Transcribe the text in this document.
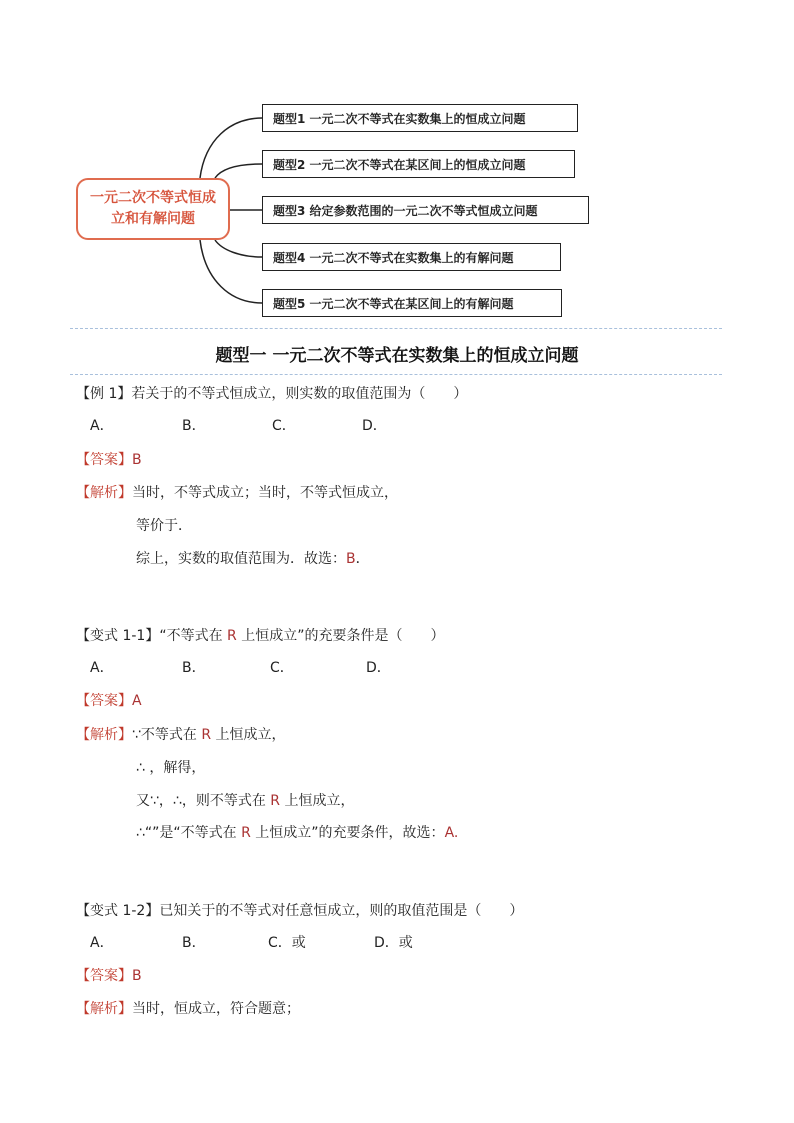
一元二次不等式恒成立和有解问题
题型1 一元二次不等式在实数集上的恒成立问题
题型2 一元二次不等式在某区间上的恒成立问题
题型3 给定参数范围的一元二次不等式恒成立问题
题型4 一元二次不等式在实数集上的有解问题
题型5 一元二次不等式在某区间上的有解问题
题型一 一元二次不等式在实数集上的恒成立问题
【例 1】若关于的不等式恒成立，则实数的取值范围为（　　）
A．	B．	C．	D．
【答案】B
【解析】当时，不等式成立；当时，不等式恒成立，
等价于．
综上，实数的取值范围为．故选：B．
【变式 1-1】“不等式在 R 上恒成立”的充要条件是（　　）
A．	B．	C．	D．
【答案】A
【解析】∵不等式在 R 上恒成立，
∴ ，解得，
又∵，∴，则不等式在 R 上恒成立，
∴“”是“不等式在 R 上恒成立”的充要条件，故选：A.
【变式 1-2】已知关于的不等式对任意恒成立，则的取值范围是（　　）
A．	B．	C．或	D．或
【答案】B
【解析】当时，恒成立，符合题意；
